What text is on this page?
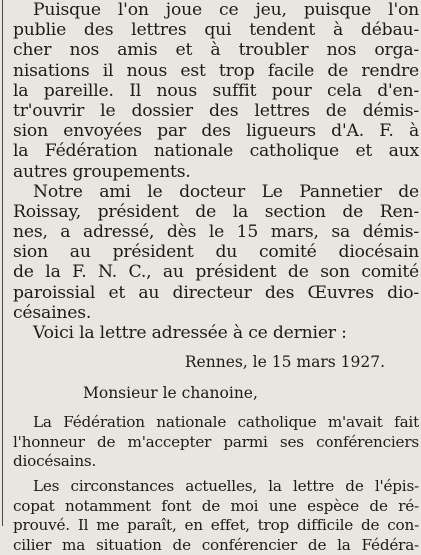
Puisque l'on joue ce jeu, puisque l'on
publie des lettres qui tendent à débau-
cher nos amis et à troubler nos orga-
nisations il nous est trop facile de rendre
la pareille. Il nous suffit pour cela d'en-
tr'ouvrir le dossier des lettres de démis-
sion envoyées par des ligueurs d'A. F. à
la Fédération nationale catholique et aux
autres groupements.
Notre ami le docteur Le Pannetier de
Roissay, président de la section de Ren-
nes, a adressé, dès le 15 mars, sa démis-
sion au président du comité diocésain
de la F. N. C., au président de son comité
paroissial et au directeur des Œuvres dio-
césaines.
Voici la lettre adressée à ce dernier :
Rennes, le 15 mars 1927.
Monsieur le chanoine,
La Fédération nationale catholique m'avait fait
l'honneur de m'accepter parmi ses conférenciers
diocésains.
Les circonstances actuelles, la lettre de l'épis-
copat notamment font de moi une espèce de ré-
prouvé. Il me paraît, en effet, trop difficile de con-
cilier ma situation de conférencier de la Fédéra-
